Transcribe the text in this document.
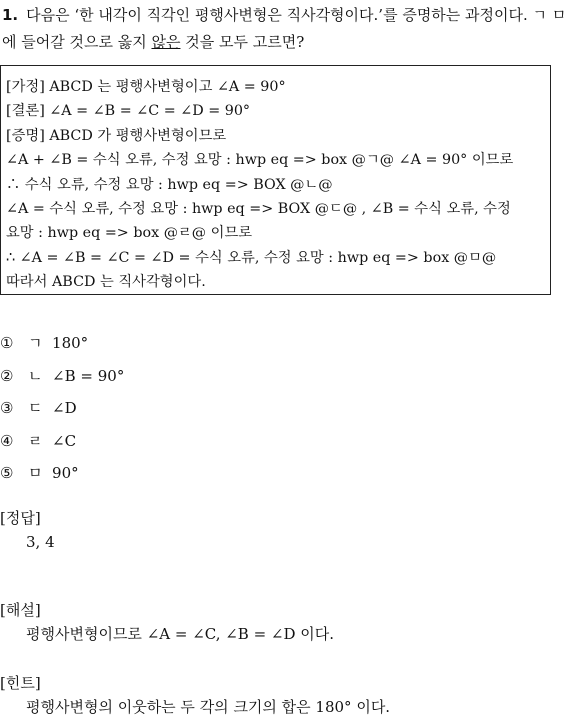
1. 다음은 ‘한 내각이 직각인 평행사변형은 직사각형이다.’를 증명하는 과정이다. ㄱ ㅁ에 들어갈 것으로 옳지 않은 것을 모두 고르면?
[가정] ABCD 는 평행사변형이고 ∠A = 90°
[결론] ∠A = ∠B = ∠C = ∠D = 90°
[증명] ABCD 가 평행사변형이므로
∠A + ∠B = 수식 오류, 수정 요망 : hwp eq => box @ㄱ@ ∠A = 90° 이므로
∴ 수식 오류, 수정 요망 : hwp eq => BOX @ㄴ@
∠A = 수식 오류, 수정 요망 : hwp eq => BOX @ㄷ@ , ∠B = 수식 오류, 수정
요망 : hwp eq => box @ㄹ@ 이므로
∴ ∠A = ∠B = ∠C = ∠D = 수식 오류, 수정 요망 : hwp eq => box @ㅁ@
따라서 ABCD 는 직사각형이다.
① ㄱ 180°
② ㄴ ∠B = 90°
③ ㄷ ∠D
④ ㄹ ∠C
⑤ ㅁ 90°
[정답]
3, 4
[해설]
평행사변형이므로 ∠A = ∠C, ∠B = ∠D 이다.
[힌트]
평행사변형의 이웃하는 두 각의 크기의 합은 180° 이다.
